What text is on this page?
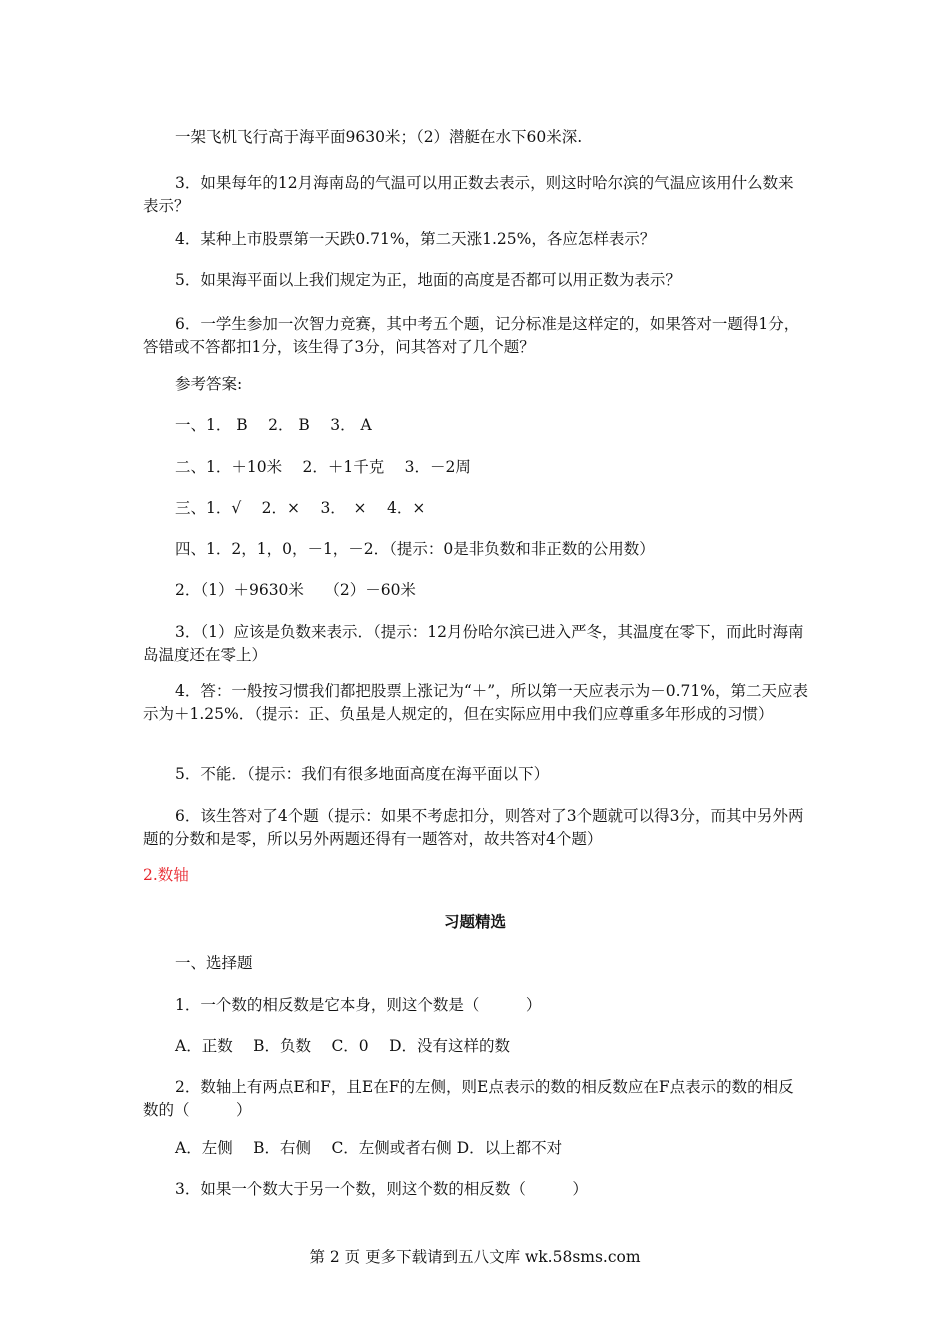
一架飞机飞行高于海平面9630米；（2）潜艇在水下60米深.
3．如果每年的12月海南岛的气温可以用正数去表示，则这时哈尔滨的气温应该用什么数来表示？
4．某种上市股票第一天跌0.71%，第二天涨1.25%，各应怎样表示？
5．如果海平面以上我们规定为正，地面的高度是否都可以用正数为表示？
6．一学生参加一次智力竞赛，其中考五个题，记分标准是这样定的，如果答对一题得1分，答错或不答都扣1分，该生得了3分，问其答对了几个题？
参考答案:
一、1． B　 2． B　 3． A
二、1．＋10米　 2．＋1千克　 3．－2周
三、1．√　 2．×　 3．　×　 4．×
四、1．2，1，0，－1，－2．（提示：0是非负数和非正数的公用数）
2．（1）＋9630米　 （2）－60米
3．（1）应该是负数来表示．（提示：12月份哈尔滨已进入严冬，其温度在零下，而此时海南岛温度还在零上）
4．答：一般按习惯我们都把股票上涨记为“＋”，所以第一天应表示为－0.71%，第二天应表示为＋1.25%．（提示：正、负虽是人规定的，但在实际应用中我们应尊重多年形成的习惯）
5．不能．（提示：我们有很多地面高度在海平面以下）
6．该生答对了4个题（提示：如果不考虑扣分，则答对了3个题就可以得3分，而其中另外两题的分数和是零，所以另外两题还得有一题答对，故共答对4个题）
2.数轴
习题精选
一、选择题
1．一个数的相反数是它本身，则这个数是（　　　）
A．正数　 B．负数　 C．0　 D．没有这样的数
2．数轴上有两点E和F，且E在F的左侧，则E点表示的数的相反数应在F点表示的数的相反数的（　　　）
A．左侧　 B．右侧　 C．左侧或者右侧 D．以上都不对
3．如果一个数大于另一个数，则这个数的相反数（　　　）
第 2 页 更多下载请到五八文库 wk.58sms.com
